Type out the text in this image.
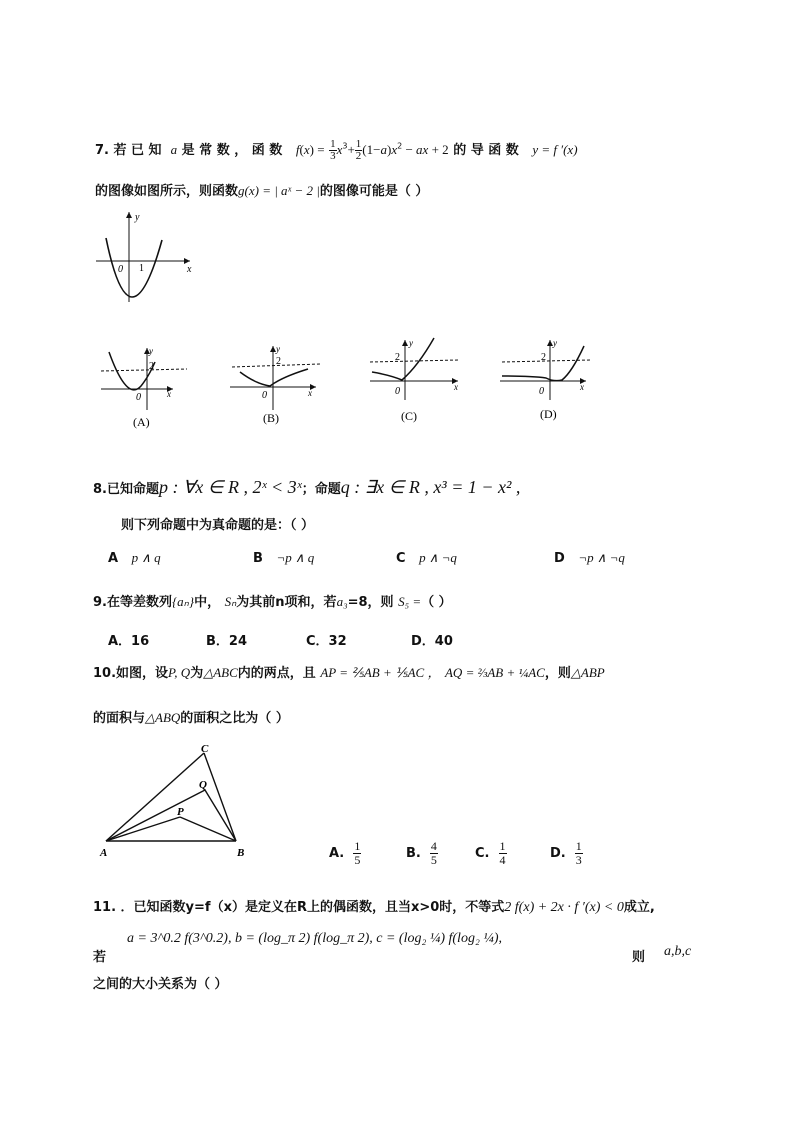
7. 若 已 知 a 是 常 数 ， 函 数 $f(x) = \frac{1}{3} x^3+ \frac{1}{2} (1-a)x^2$ − ax + 2 的 导 函 数 y = f ′(x)
的图像如图所示，则函数g(x) = | aˣ − 2 |的图像可能是（ ）
y
x
0 1
y
2
0	x
(A)
y
2
0	x
(B)
y
2
0	x
(C)
y
2
0	x
(D)
8.已知命题p : ∀x ∈ R , 2ˣ < 3ˣ；命题q : ∃x ∈ R , x³ = 1 − x² ,
则下列命题中为真命题的是：（ ）
A p ∧ q	B ¬p ∧ q	C p ∧ ¬q	D ¬p ∧ ¬q
9.在等差数列{aₙ}中， Sₙ为其前n项和，若a₃=8，则 S₅ =（ ）
A．16	B．24	C．32	D．40
10.如图，设P, Q为△ABC内的两点，且 AP = ⅖AB + ⅕AC ， AQ = ⅔AB + ¼AC，则△ABP
的面积与△ABQ的面积之比为（ ）
A	B
C
P
Q
A. $\frac{1}{5}$	B. $\frac{4}{5}$	C. $\frac{1}{4}$	D. $\frac{1}{3}$
11. ．已知函数y=f（x）是定义在R上的偶函数，且当x>0时，不等式2 f(x) + 2x · f ′(x) < 0成立,
若
a = 3^0.2 f(3^0.2), b = (log_π 2) f(log_π 2), c = (log₂ ¼) f(log₂ ¼),
则 a,b,c
之间的大小关系为（ ）
